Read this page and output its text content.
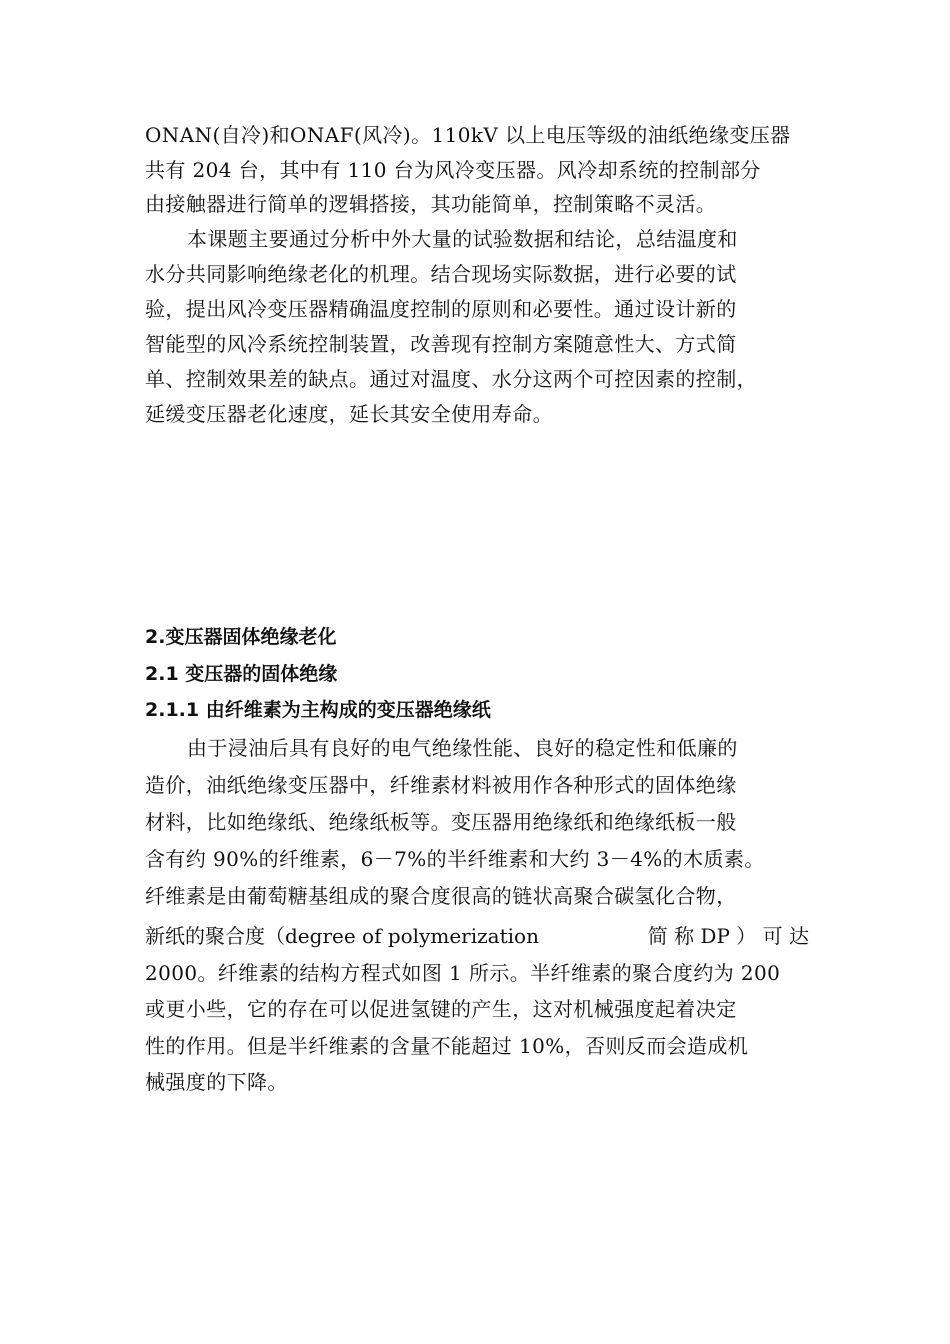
ONAN(自冷)和ONAF(风冷)。110kV 以上电压等级的油纸绝缘变压器
共有 204 台，其中有 110 台为风冷变压器。风冷却系统的控制部分
由接触器进行简单的逻辑搭接，其功能简单，控制策略不灵活。
本课题主要通过分析中外大量的试验数据和结论，总结温度和
水分共同影响绝缘老化的机理。结合现场实际数据，进行必要的试
验，提出风冷变压器精确温度控制的原则和必要性。通过设计新的
智能型的风冷系统控制装置，改善现有控制方案随意性大、方式简
单、控制效果差的缺点。通过对温度、水分这两个可控因素的控制，
延缓变压器老化速度，延长其安全使用寿命。
2.变压器固体绝缘老化
2.1 变压器的固体绝缘
2.1.1 由纤维素为主构成的变压器绝缘纸
由于浸油后具有良好的电气绝缘性能、良好的稳定性和低廉的
造价，油纸绝缘变压器中，纤维素材料被用作各种形式的固体绝缘
材料，比如绝缘纸、绝缘纸板等。变压器用绝缘纸和绝缘纸板一般
含有约 90%的纤维素，6－7%的半纤维素和大约 3－4%的木质素。
纤维素是由葡萄糖基组成的聚合度很高的链状高聚合碳氢化合物，
新纸的聚合度（degree of polymerization	简 称 DP ） 可 达
2000。纤维素的结构方程式如图 1 所示。半纤维素的聚合度约为 200
或更小些，它的存在可以促进氢键的产生，这对机械强度起着决定
性的作用。但是半纤维素的含量不能超过 10%，否则反而会造成机
械强度的下降。
